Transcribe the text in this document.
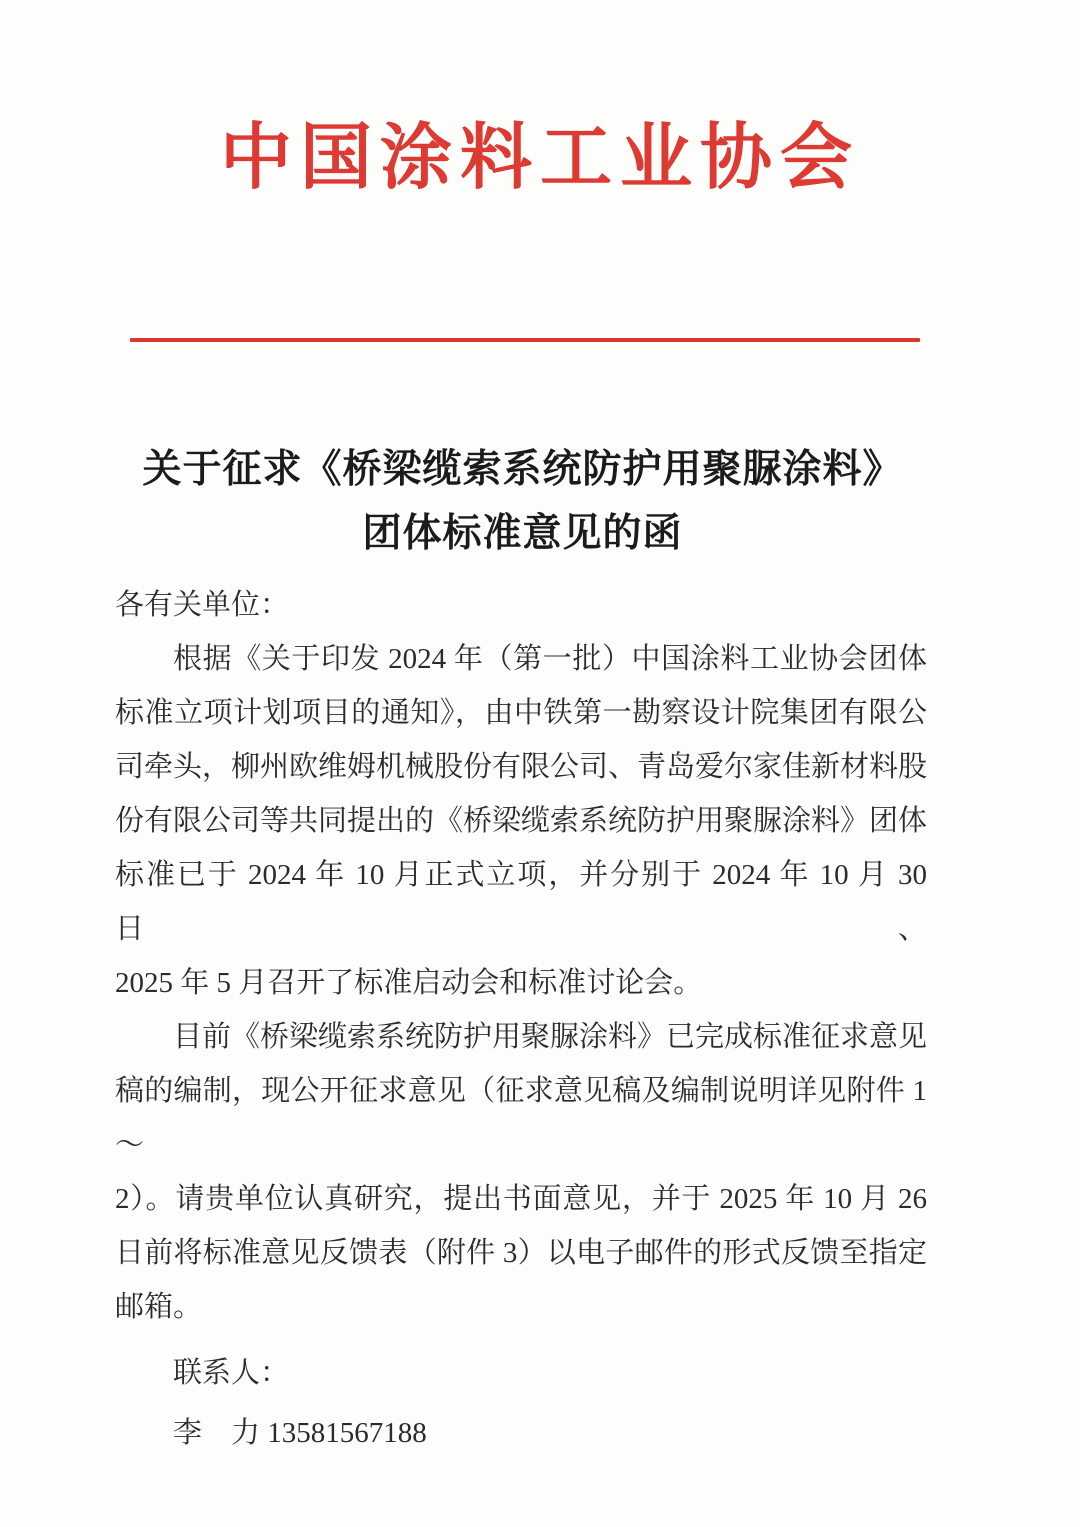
中国涂料工业协会
关于征求《桥梁缆索系统防护用聚脲涂料》
团体标准意见的函
各有关单位：
根据《关于印发 2024 年（第一批）中国涂料工业协会团体
标准立项计划项目的通知》，由中铁第一勘察设计院集团有限公
司牵头，柳州欧维姆机械股份有限公司、青岛爱尔家佳新材料股
份有限公司等共同提出的《桥梁缆索系统防护用聚脲涂料》团体
标准已于 2024 年 10 月正式立项，并分别于 2024 年 10 月 30 日、
2025 年 5 月召开了标准启动会和标准讨论会。
目前《桥梁缆索系统防护用聚脲涂料》已完成标准征求意见
稿的编制，现公开征求意见（征求意见稿及编制说明详见附件 1～
2）。请贵单位认真研究，提出书面意见，并于 2025 年 10 月 26
日前将标准意见反馈表（附件 3）以电子邮件的形式反馈至指定
邮箱。
联系人：
李　力 13581567188
